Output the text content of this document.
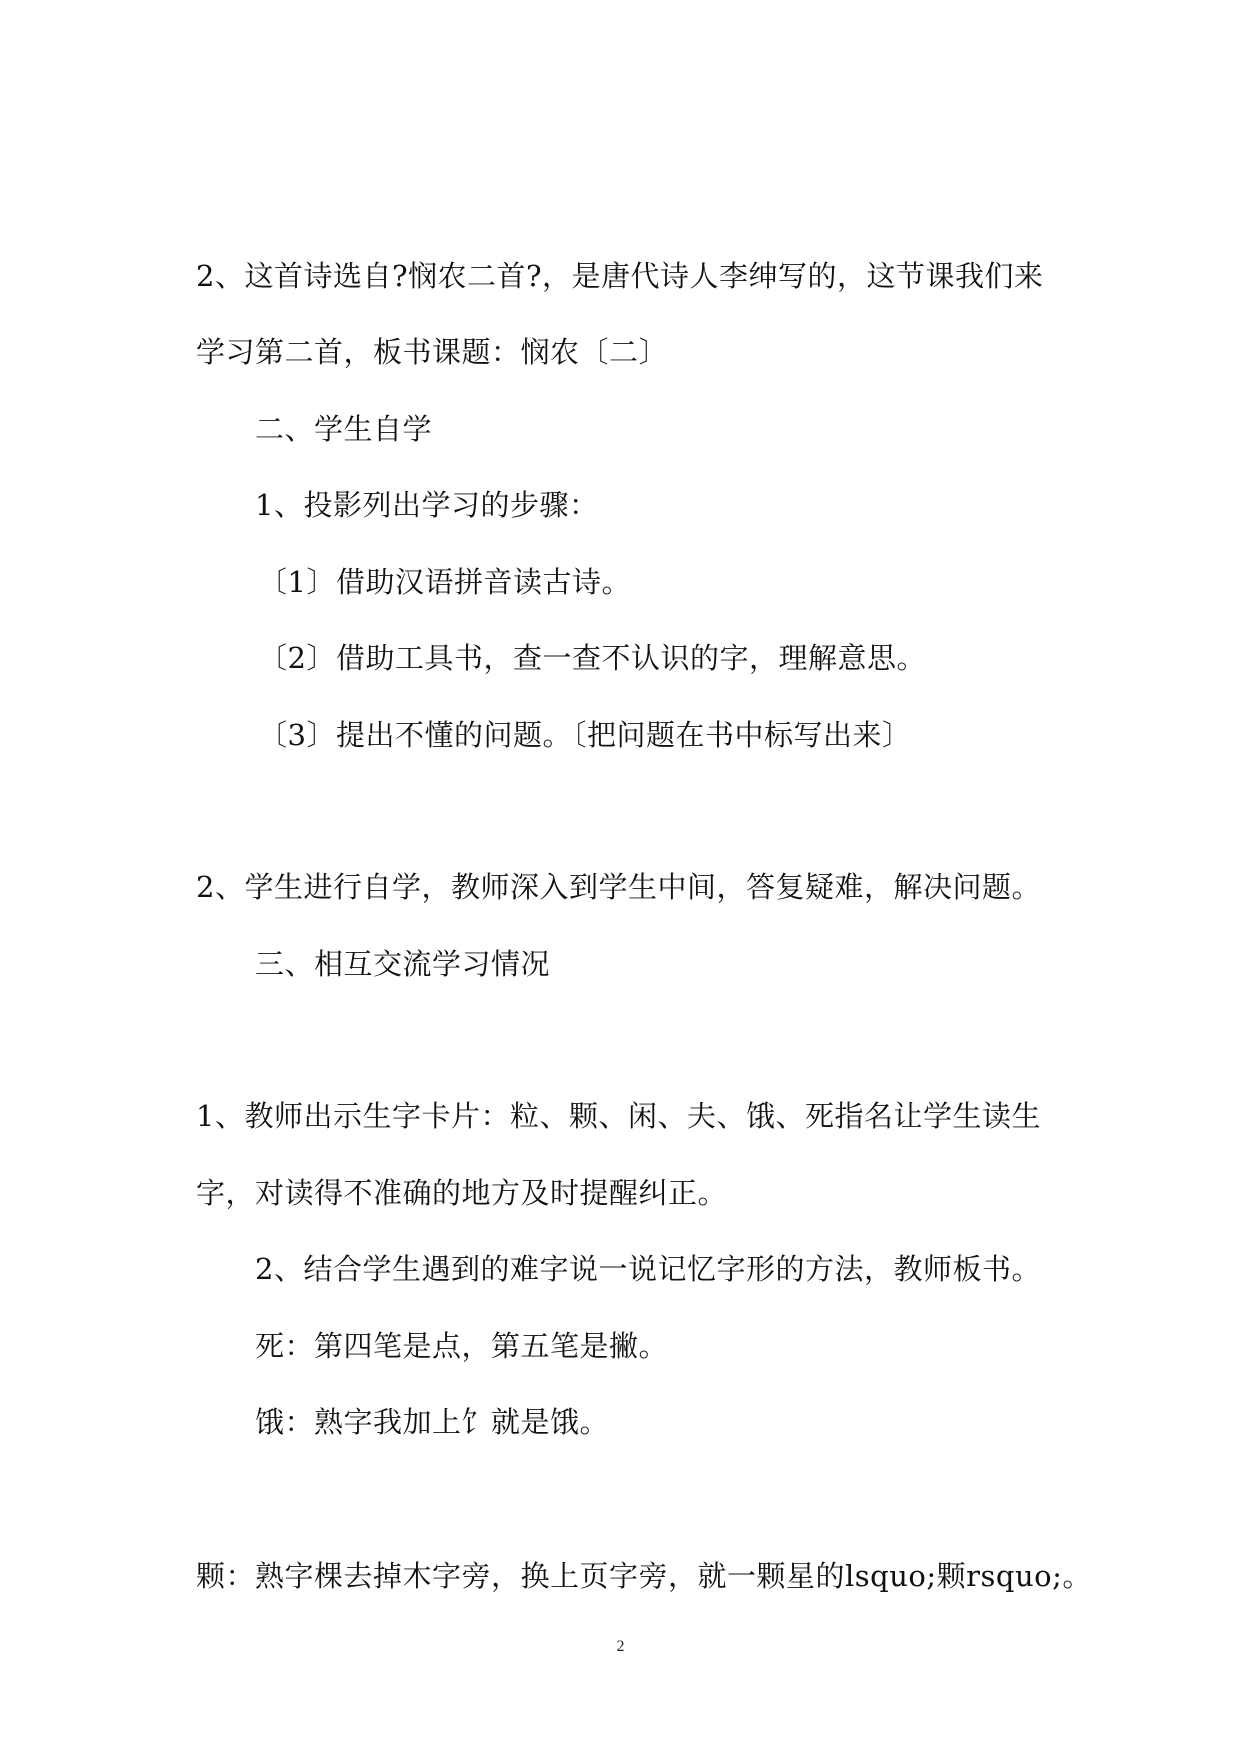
2、这首诗选自?悯农二首?，是唐代诗人李绅写的，这节课我们来

学习第二首，板书课题：悯农〔二〕

二、学生自学

1、投影列出学习的步骤：

〔1〕借助汉语拼音读古诗。

〔2〕借助工具书，查一查不认识的字，理解意思。

〔3〕提出不懂的问题。〔把问题在书中标写出来〕

2、学生进行自学，教师深入到学生中间，答复疑难，解决问题。

三、相互交流学习情况

1、教师出示生字卡片：粒、颗、闲、夫、饿、死指名让学生读生

字，对读得不准确的地方及时提醒纠正。

2、结合学生遇到的难字说一说记忆字形的方法，教师板书。

死：第四笔是点，第五笔是撇。

饿：熟字我加上饣就是饿。

颗：熟字棵去掉木字旁，换上页字旁，就一颗星的lsquo;颗rsquo;。

2
